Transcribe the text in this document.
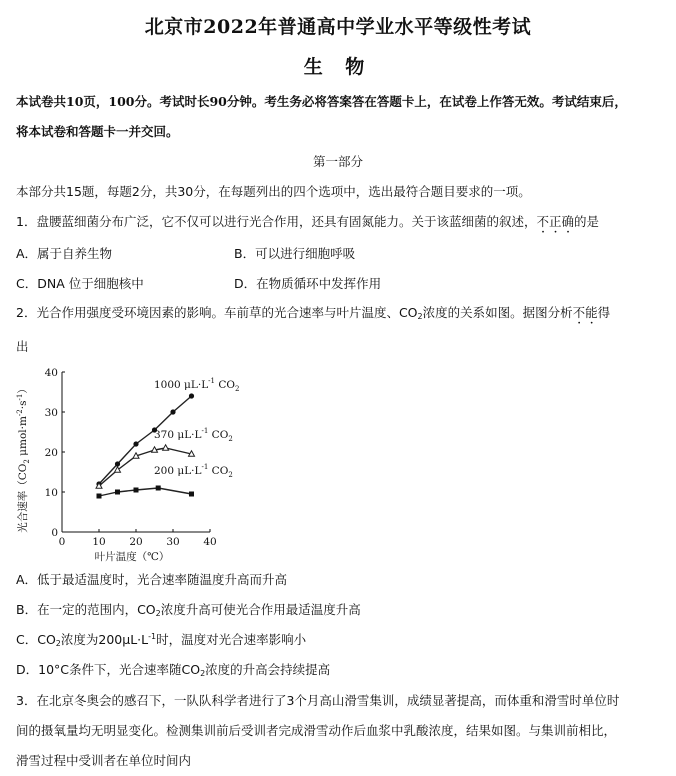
北京市2022年普通高中学业水平等级性考试
生 物
本试卷共10页，100分。考试时长90分钟。考生务必将答案答在答题卡上，在试卷上作答无效。考试结束后，
将本试卷和答题卡一并交回。
第一部分
本部分共15题，每题2分，共30分，在每题列出的四个选项中，选出最符合题目要求的一项。
1．盘腰蓝细菌分布广泛，它不仅可以进行光合作用，还具有固氮能力。关于该蓝细菌的叙述，不正确的是
A．属于自养生物	B．可以进行细胞呼吸
C．DNA 位于细胞核中	D．在物质循环中发挥作用
2．光合作用强度受环境因素的影响。车前草的光合速率与叶片温度、$CO_2$浓度的关系如图。据图分析不能得
出
0	10 20 30 40
0
10
20
30
40
1000 $\mu L\cdot L^{-1}$ $CO_2$
370 $\mu L\cdot L^{-1}$ $CO_2$
200 $\mu L\cdot L^{-1}$ $CO_2$
光合速率（$CO_2$ $\mu mol\cdot m^{-2}\cdot s^{-1}$）
叶片温度（℃）
A．低于最适温度时，光合速率随温度升高而升高
B．在一定的范围内，$CO_2$浓度升高可使光合作用最适温度升高
C．$CO_2$浓度为$200\mu L\cdot L^{-1}$时，温度对光合速率影响小
D．10°C条件下，光合速率随$CO_2$浓度的升高会持续提高
3．在北京冬奥会的感召下，一队队科学者进行了3个月高山滑雪集训，成绩显著提高，而体重和滑雪时单位时
间的摄氧量均无明显变化。检测集训前后受训者完成滑雪动作后血浆中乳酸浓度，结果如图。与集训前相比，
滑雪过程中受训者在单位时间内
